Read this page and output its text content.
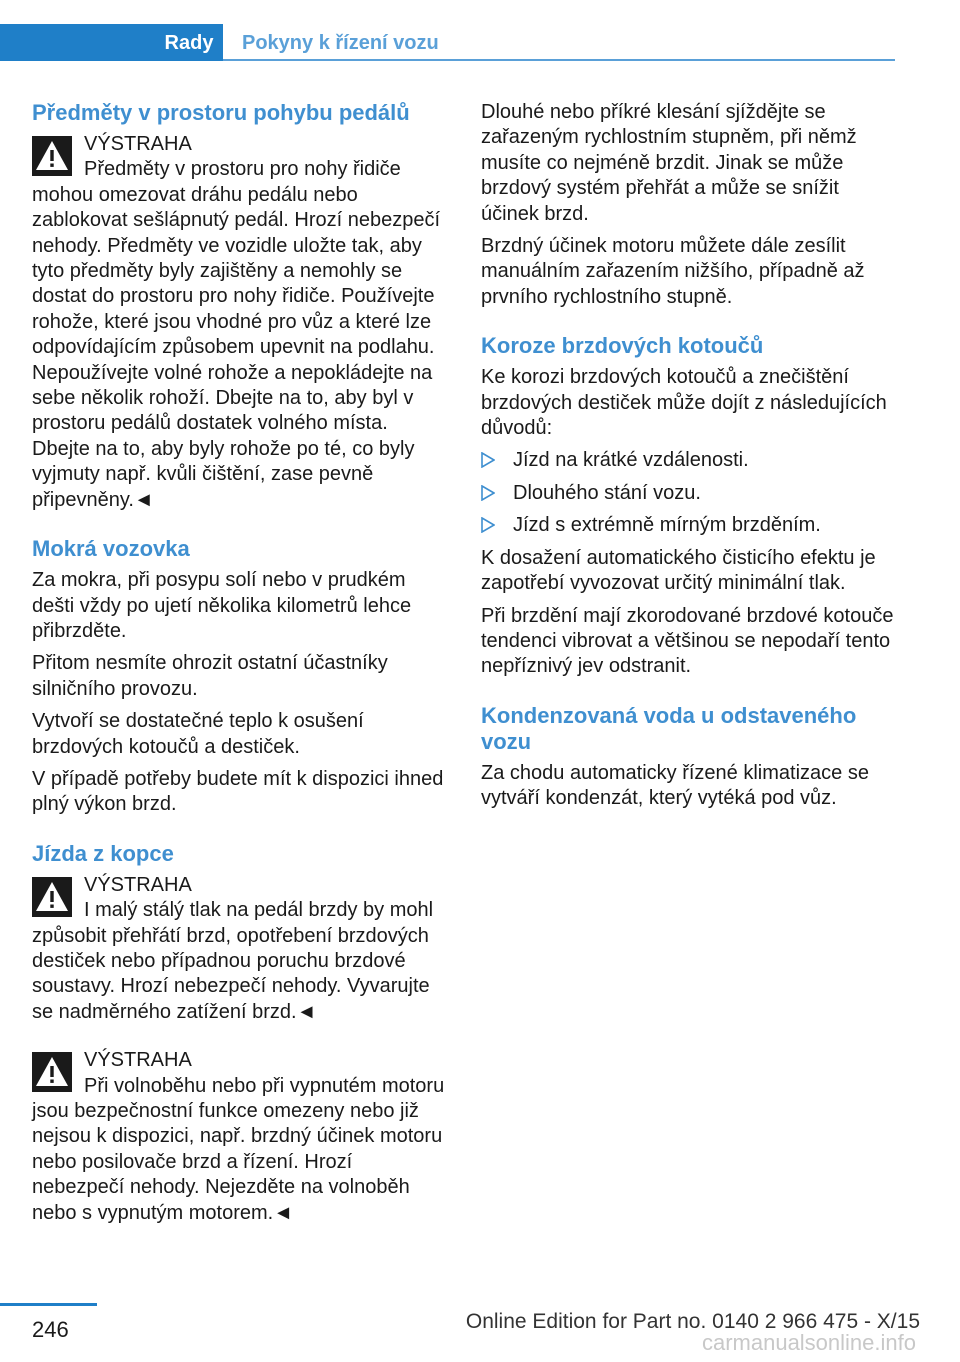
Rady	Pokyny k řízení vozu
Předměty v prostoru pohybu pedálů
VÝSTRAHA
Předměty v prostoru pro nohy řidiče mohou omezovat dráhu pedálu nebo zablokovat sešlápnutý pedál. Hrozí nebezpečí nehody. Předměty ve vozidle uložte tak, aby tyto předměty byly zajištěny a nemohly se dostat do prostoru pro nohy řidiče. Používejte rohože, které jsou vhodné pro vůz a které lze odpovídajícím způsobem upevnit na podlahu. Nepoužívejte volné rohože a nepokládejte na sebe několik rohoží. Dbejte na to, aby byl v prostoru pedálů dostatek volného místa. Dbejte na to, aby byly rohože po té, co byly vyjmuty např. kvůli čištění, zase pevně připevněny.◄
Mokrá vozovka

Za mokra, při posypu solí nebo v prudkém dešti vždy po ujetí několika kilometrů lehce přibrzděte.

Přitom nesmíte ohrozit ostatní účastníky silničního provozu.

Vytvoří se dostatečné teplo k osušení brzdových kotoučů a destiček.

V případě potřeby budete mít k dispozici ihned plný výkon brzd.

Jízda z kopce
VÝSTRAHA
I malý stálý tlak na pedál brzdy by mohl způsobit přehřátí brzd, opotřebení brzdových destiček nebo případnou poruchu brzdové soustavy. Hrozí nebezpečí nehody. Vyvarujte se nadměrného zatížení brzd.◄
VÝSTRAHA
Při volnoběhu nebo při vypnutém motoru jsou bezpečnostní funkce omezeny nebo již nejsou k dispozici, např. brzdný účinek motoru nebo posilovače brzd a řízení. Hrozí nebezpečí nehody. Nejezděte na volnoběh nebo s vypnutým motorem.◄

Dlouhé nebo příkré klesání sjíždějte se zařazeným rychlostním stupněm, při němž musíte co nejméně brzdit. Jinak se může brzdový systém přehřát a může se snížit účinek brzd.

Brzdný účinek motoru můžete dále zesílit manuálním zařazením nižšího, případně až prvního rychlostního stupně.

Koroze brzdových kotoučů

Ke korozi brzdových kotoučů a znečištění brzdových destiček může dojít z následujících důvodů:

Jízd na krátké vzdálenosti.
Dlouhého stání vozu.
Jízd s extrémně mírným brzděním.

K dosažení automatického čisticího efektu je zapotřebí vyvozovat určitý minimální tlak.

Při brzdění mají zkorodované brzdové kotouče tendenci vibrovat a většinou se nepodaří tento nepříznivý jev odstranit.

Kondenzovaná voda u odstaveného vozu

Za chodu automaticky řízené klimatizace se vytváří kondenzát, který vytéká pod vůz.

246	Online Edition for Part no. 0140 2 966 475 - X/15
carmanualsonline.info
